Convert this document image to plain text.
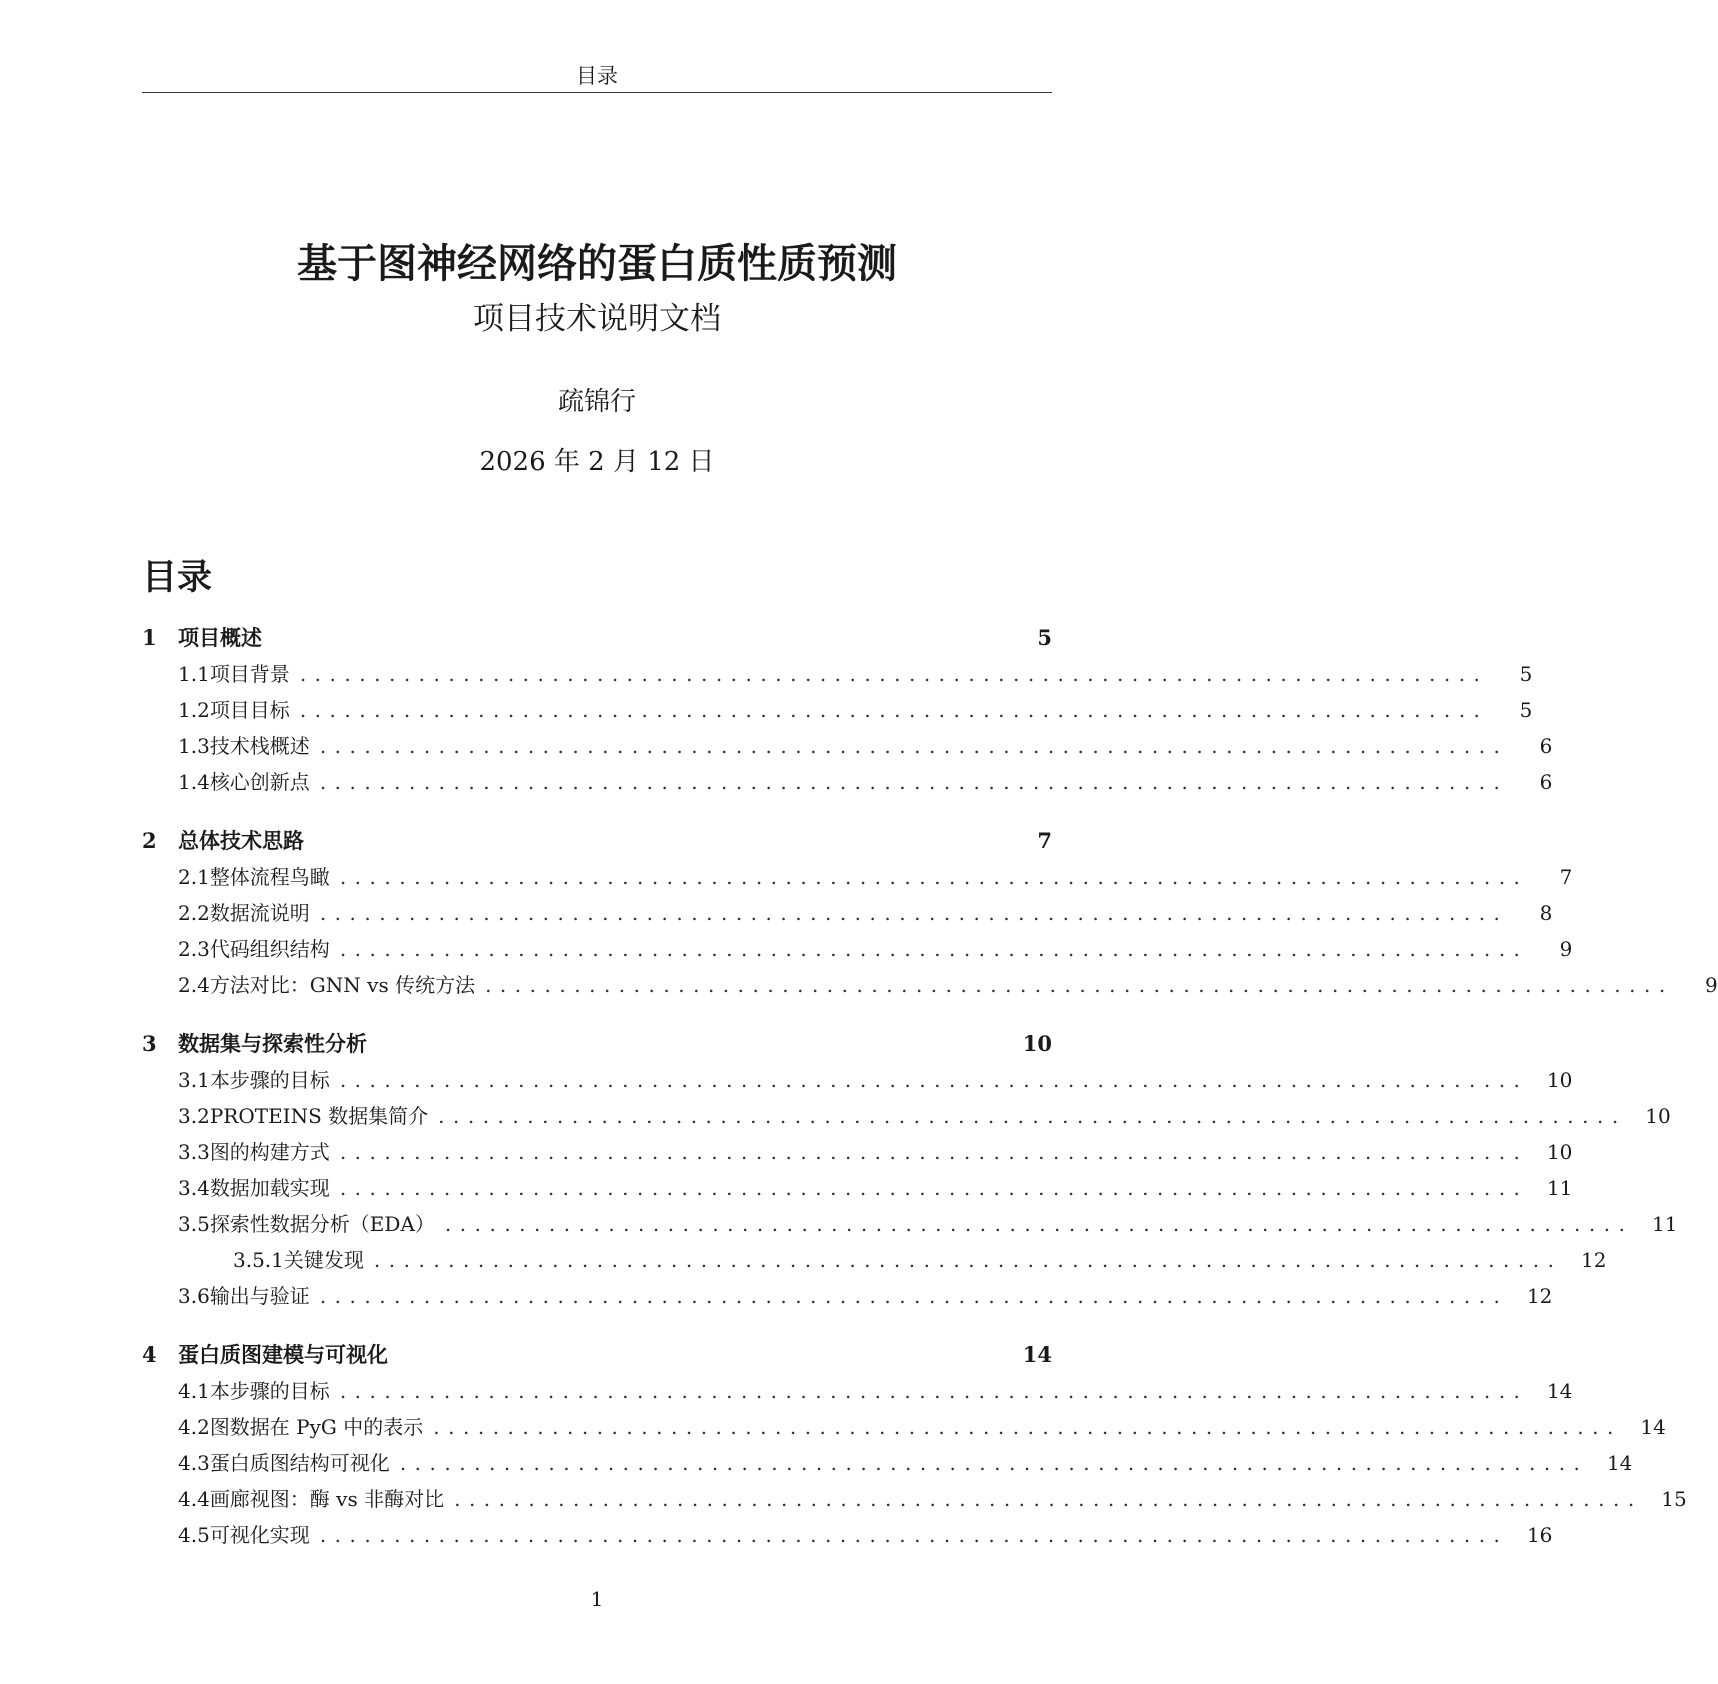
目录
基于图神经网络的蛋白质性质预测
项目技术说明文档
疏锦行
2026 年 2 月 12 日
目录
1	项目概述	5
1.1 项目背景 ................................................................................	5
1.2 项目目标 ................................................................................	5
1.3 技术栈概述 ................................................................................	6
1.4 核心创新点 ................................................................................	6
2	总体技术思路	7
2.1 整体流程鸟瞰 ................................................................................	7
2.2 数据流说明 ................................................................................	8
2.3 代码组织结构 ................................................................................	9
2.4 方法对比：GNN vs 传统方法 ................................................................................	9
3	数据集与探索性分析	10
3.1 本步骤的目标 ................................................................................ 10
3.2 PROTEINS 数据集简介 ................................................................................ 10
3.3 图的构建方式 ................................................................................ 10
3.4 数据加载实现 ................................................................................ 11
3.5 探索性数据分析（EDA） ................................................................................ 11
3.5.1 关键发现 ................................................................................ 12
3.6 输出与验证 ................................................................................ 12
4	蛋白质图建模与可视化	14
4.1 本步骤的目标 ................................................................................ 14
4.2 图数据在 PyG 中的表示 ................................................................................ 14
4.3 蛋白质图结构可视化 ................................................................................ 14
4.4 画廊视图：酶 vs 非酶对比 ................................................................................ 15
4.5 可视化实现 ................................................................................ 16
1
